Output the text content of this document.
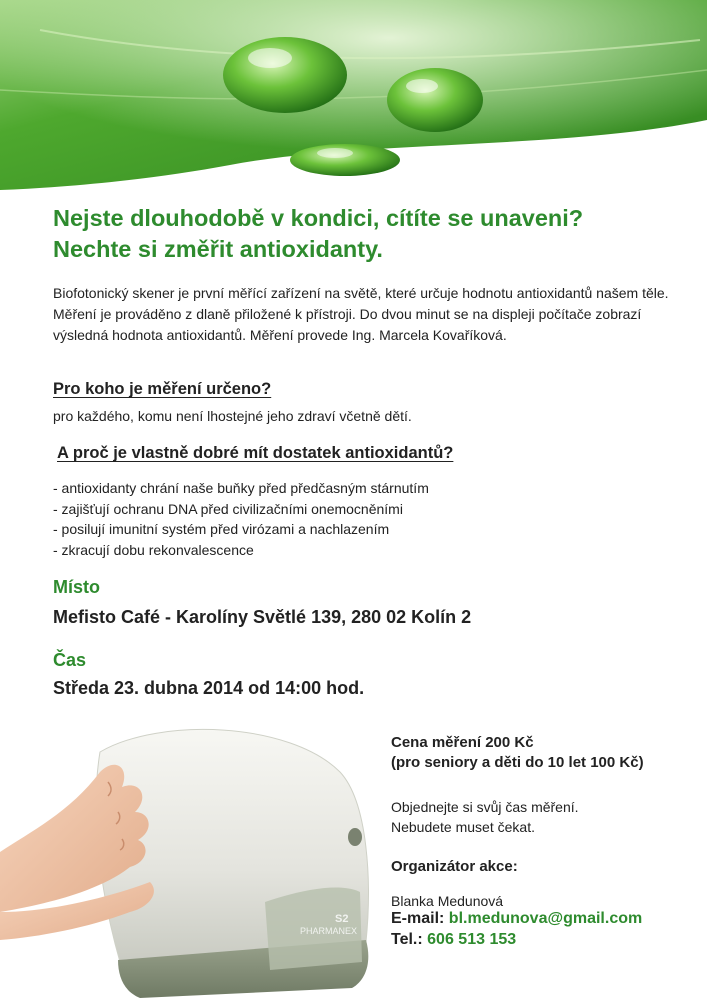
Nejste dlouhodobě v kondici, cítíte se unaveni?
Nechte si změřit antioxidanty.

Biofotonický skener je první měřící zařízení na světě, které určuje hodnotu antioxidantů našem těle.
Měření je prováděno z dlaně přiložené k přístroji. Do dvou minut se na displeji počítače zobrazí výsledná hodnota antioxidantů. Měření provede Ing. Marcela Kovaříková.

Pro koho je měření určeno?

pro každého, komu není lhostejné jeho zdraví včetně dětí.

A proč je vlastně dobré mít dostatek antioxidantů?
- antioxidanty chrání naše buňky před předčasným stárnutím
- zajišťují ochranu DNA před civilizačními onemocněními
- posilují imunitní systém před virózami a nachlazením
- zkracují dobu rekonvalescence

Místo

Mefisto Café - Karolíny Světlé 139, 280 02 Kolín 2

Čas

Středa 23. dubna 2014 od 14:00 hod.

PHARMANEX
S2
Cena měření 200 Kč
(pro seniory a děti do 10 let 100 Kč)
Objednejte si svůj čas měření.
Nebudete muset čekat.

Organizátor akce:

Blanka Medunová

E-mail: bl.medunova@gmail.com

Tel.: 606 513 153
